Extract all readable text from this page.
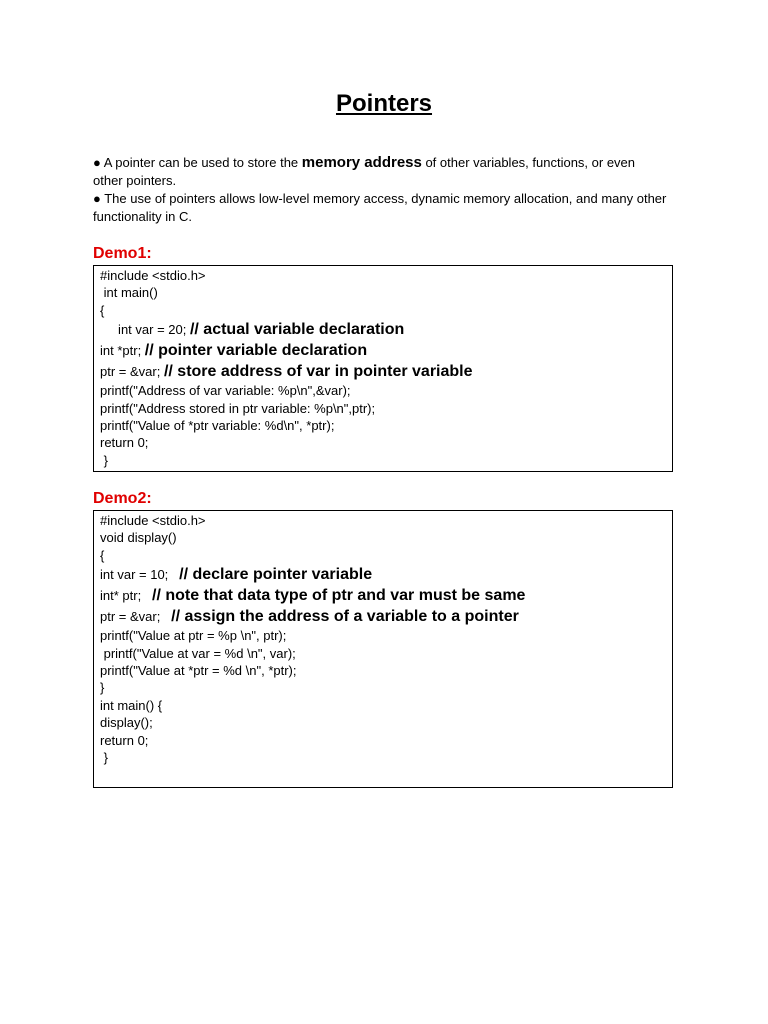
Pointers

● A pointer can be used to store the memory address of other variables, functions, or even other pointers.

● The use of pointers allows low-level memory access, dynamic memory allocation, and many other functionality in C.

Demo1:
#include <stdio.h>
int main()
{
int var = 20; // actual variable declaration
int *ptr; // pointer variable declaration
ptr = &var; // store address of var in pointer variable
printf("Address of var variable: %p\n",&var);
printf("Address stored in ptr variable: %p\n",ptr);
printf("Value of *ptr variable: %d\n", *ptr);
return 0;
}
Demo2:
#include <stdio.h>
void display()
{
int var = 10;   // declare pointer variable
int* ptr;   // note that data type of ptr and var must be same
ptr = &var;   // assign the address of a variable to a pointer
printf("Value at ptr = %p \n", ptr);
printf("Value at var = %d \n", var);
printf("Value at *ptr = %d \n", *ptr);
}
int main() {
display();
return 0;
}
